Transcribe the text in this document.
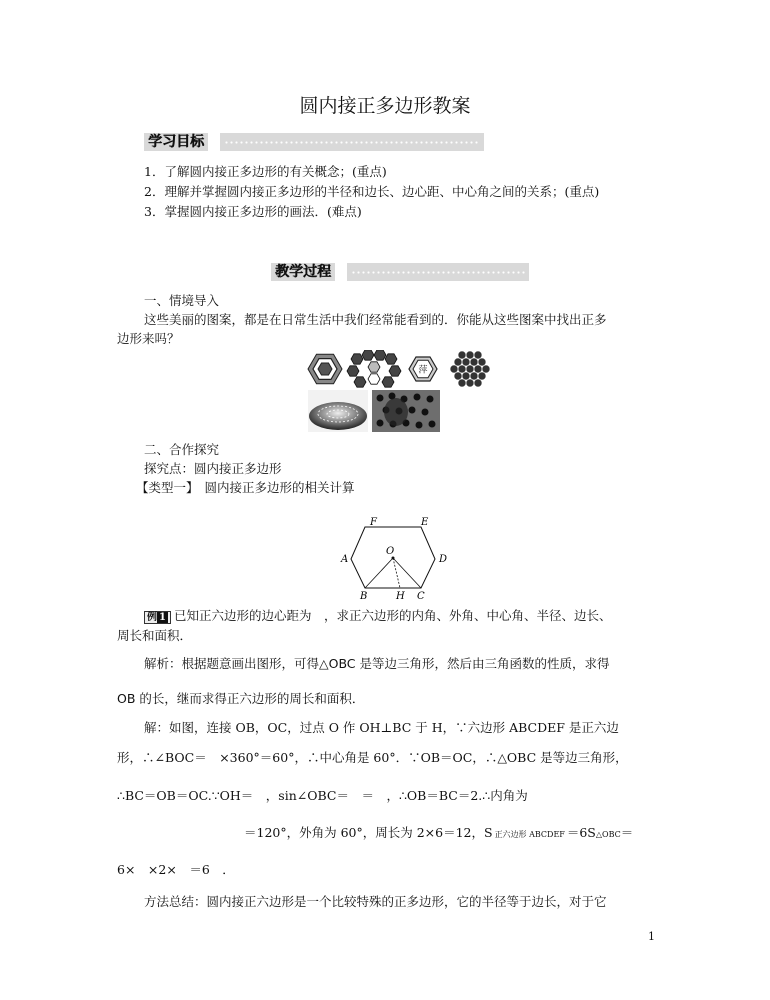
圆内接正多边形教案
学习目标
1．了解圆内接正多边形的有关概念；(重点)
2．理解并掌握圆内接正多边形的半径和边长、边心距、中心角之间的关系；(重点)
3．掌握圆内接正多边形的画法．(难点)
教学过程
一、情境导入
这些美丽的图案，都是在日常生活中我们经常能看到的．你能从这些图案中找出正多
边形来吗？
萍
二、合作探究
探究点：圆内接正多边形
【类型一】 圆内接正多边形的相关计算
F	E
A
O
D
B	H C
例 1 已知正六边形的边心距为　，求正六边形的内角、外角、中心角、半径、边长、
周长和面积．
解析：根据题意画出图形，可得△OBC 是等边三角形，然后由三角函数的性质，求得
OB 的长，继而求得正六边形的周长和面积．
解：如图，连接 OB，OC，过点 O 作 OH⊥BC 于 H，∵六边形 ABCDEF 是正六边
形，∴∠BOC＝　×360°＝60°，∴中心角是 60°．∵OB＝OC，∴△OBC 是等边三角形，
∴BC＝OB＝OC.∵OH＝　，sin∠OBC＝　＝　，∴OB＝BC＝2.∴内角为
＝120°，外角为 60°，周长为 2×6＝12，S 正六边形 ABCDEF ＝6S△OBC＝
6×　×2×　＝6　．
方法总结：圆内接正六边形是一个比较特殊的正多边形，它的半径等于边长，对于它
1
